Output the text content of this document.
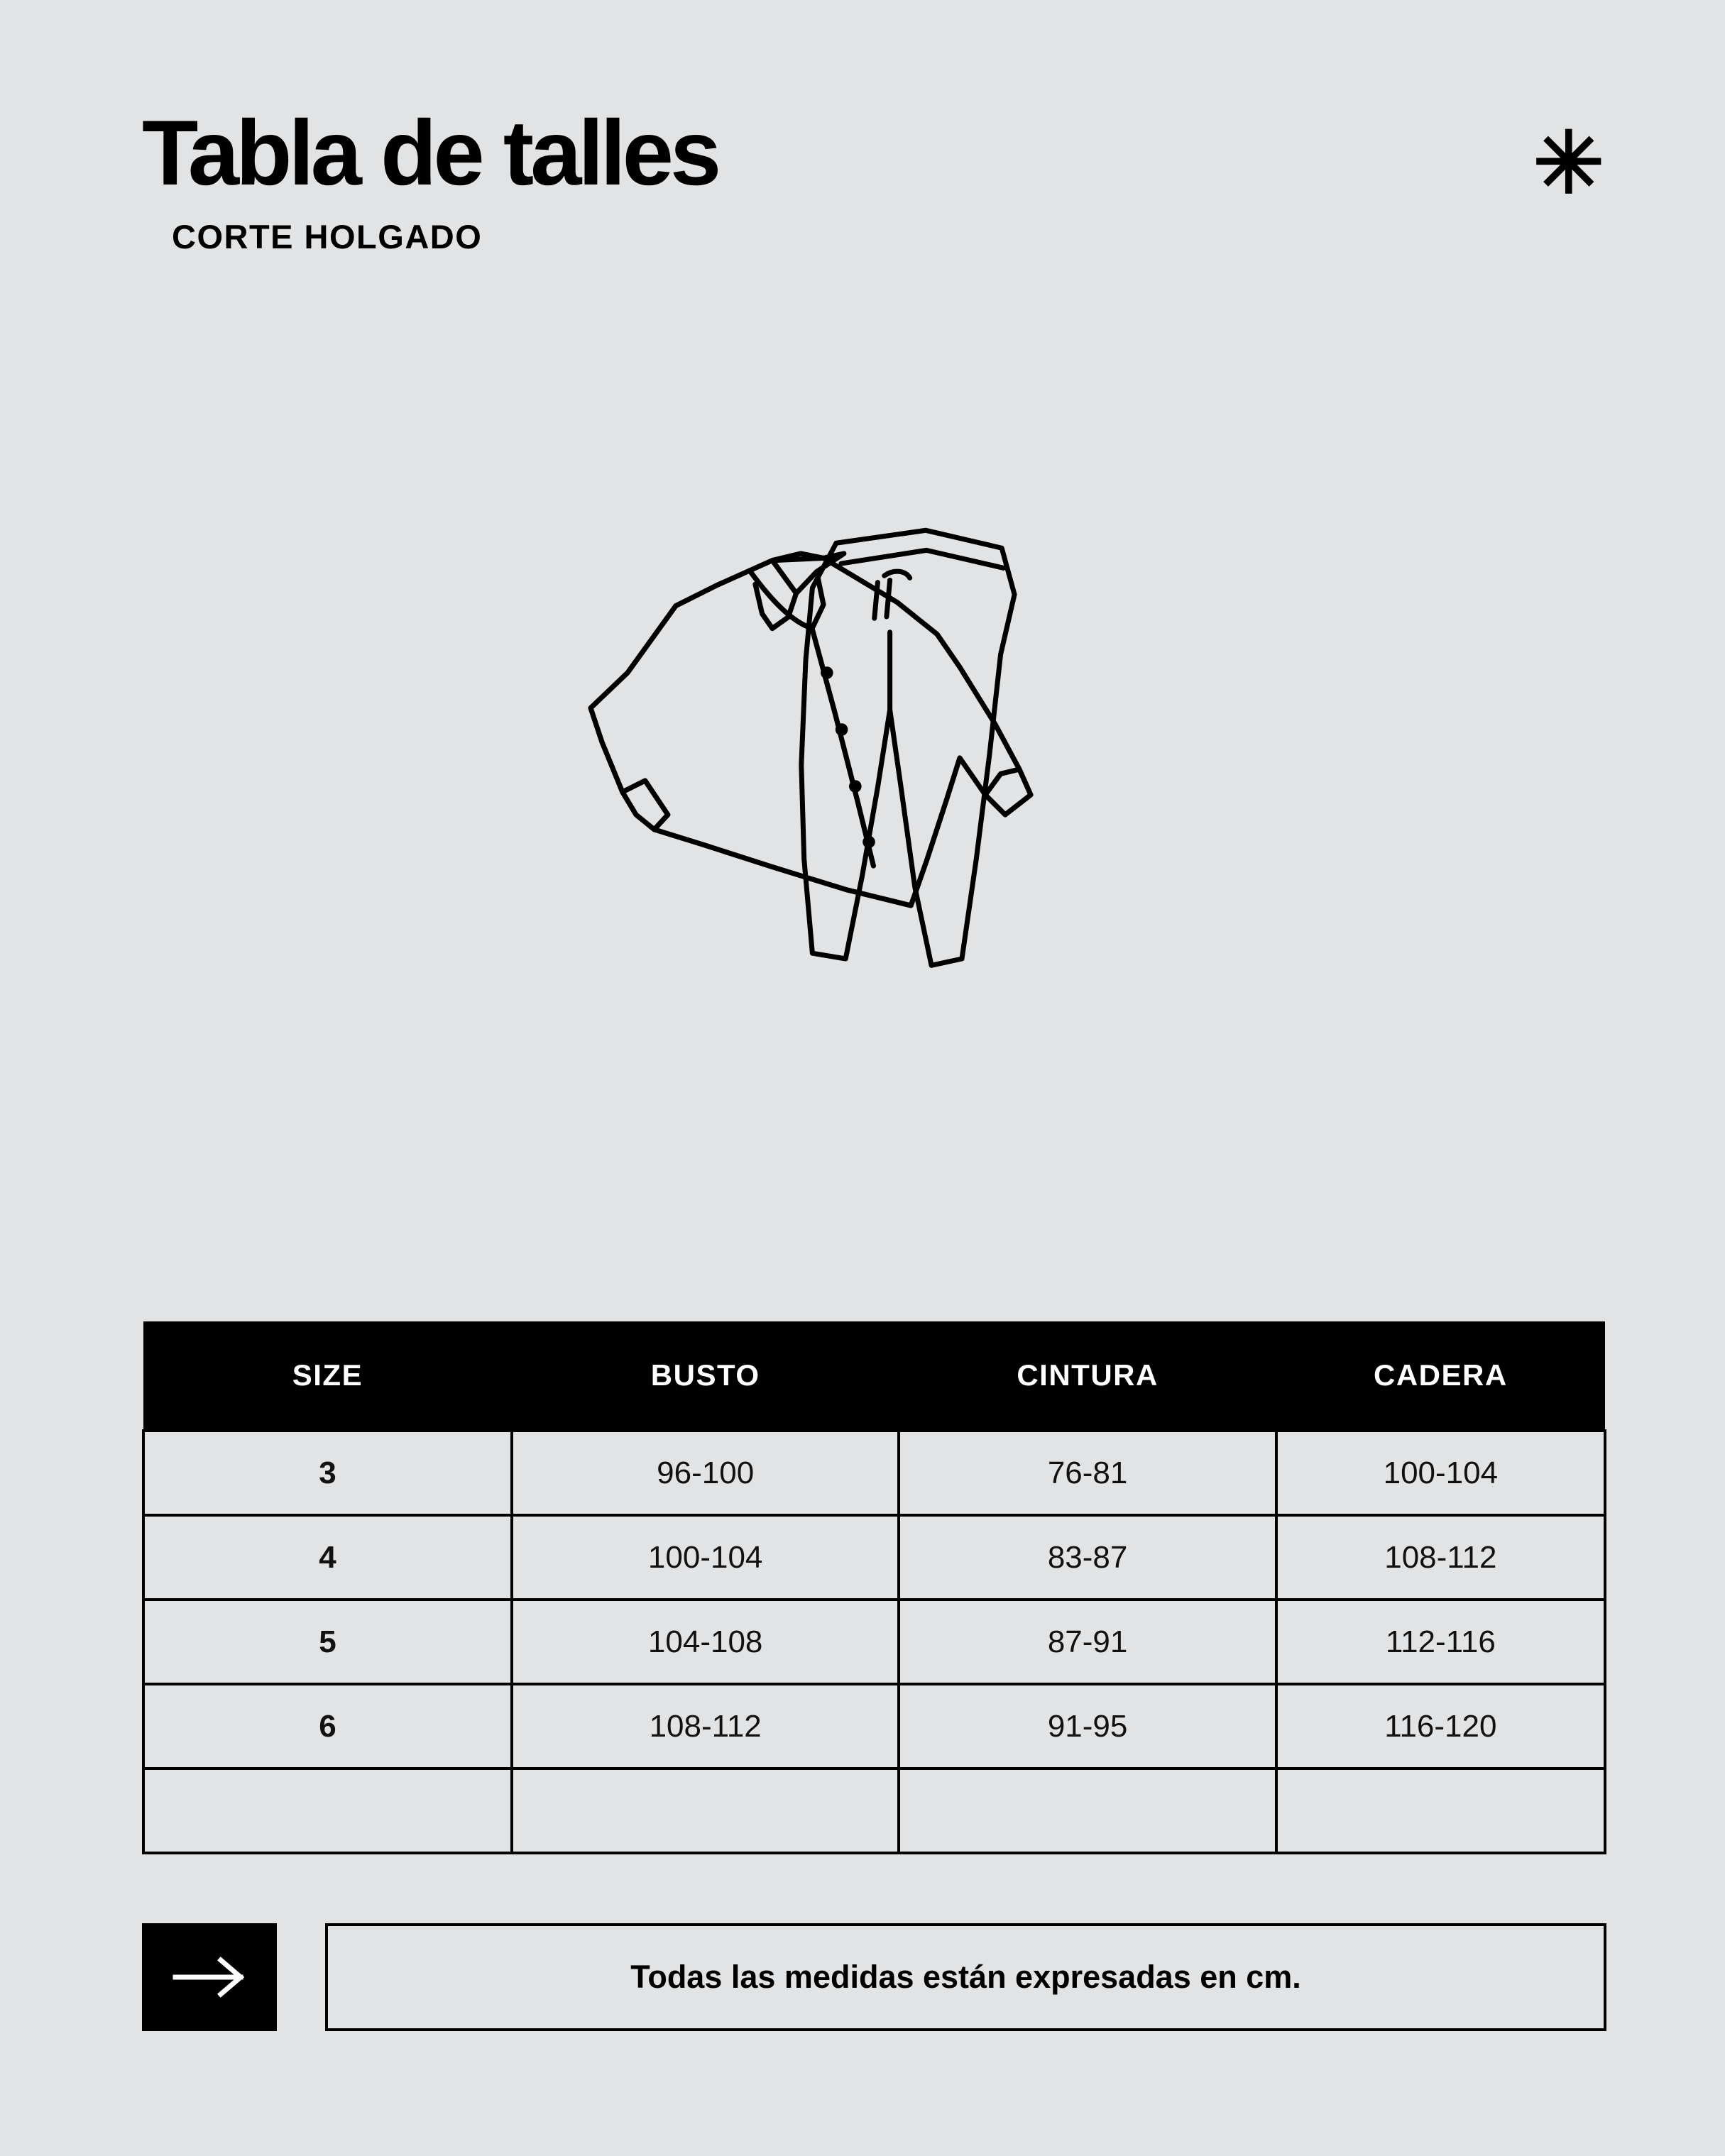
Tabla de talles
CORTE HOLGADO
✳
SIZE	BUSTO	CINTURA	CADERA
3	96-100	76-81	100-104
4	100-104	83-87	108-112
5	104-108	87-91	112-116
6	108-112	91-95	116-120

Todas las medidas están expresadas en cm.
